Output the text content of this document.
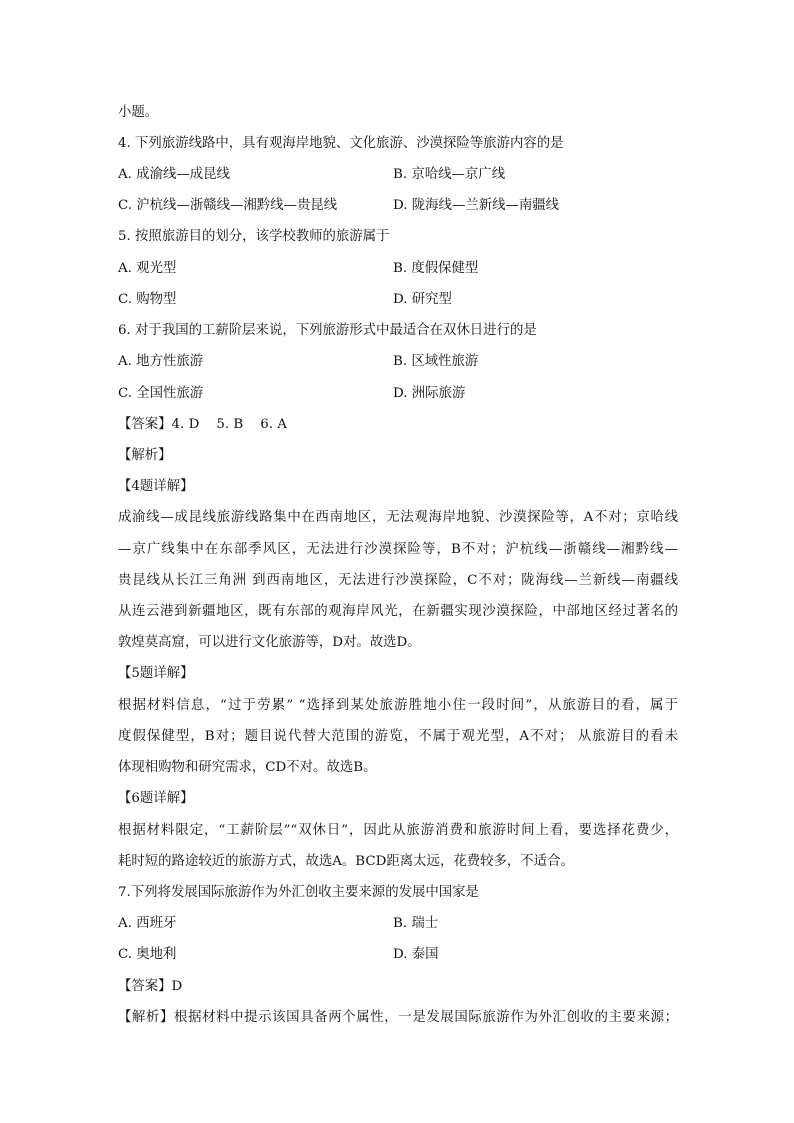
小题。
4. 下列旅游线路中，具有观海岸地貌、文化旅游、沙漠探险等旅游内容的是
A. 成渝线—成昆线	B. 京哈线—京广线
C. 沪杭线—浙赣线—湘黔线—贵昆线	D. 陇海线—兰新线—南疆线
5. 按照旅游目的划分，该学校教师的旅游属于
A. 观光型	B. 度假保健型
C. 购物型	D. 研究型
6. 对于我国的工薪阶层来说，下列旅游形式中最适合在双休日进行的是
A. 地方性旅游	B. 区域性旅游
C. 全国性旅游	D. 洲际旅游
【答案】4. D    5. B    6. A
【解析】
【4题详解】
成渝线—成昆线旅游线路集中在西南地区，无法观海岸地貌、沙漠探险等，A不对；京哈线
—京广线集中在东部季风区，无法进行沙漠探险等，B不对；沪杭线—浙赣线—湘黔线—
贵昆线从长江三角洲 到西南地区，无法进行沙漠探险，C不对；陇海线—兰新线—南疆线
从连云港到新疆地区，既有东部的观海岸风光，在新疆实现沙漠探险，中部地区经过著名的
敦煌莫高窟，可以进行文化旅游等，D对。故选D。
【5题详解】
根据材料信息，“过于劳累” “选择到某处旅游胜地小住一段时间”，从旅游目的看，属于
度假保健型，B对；题目说代替大范围的游览，不属于观光型，A不对； 从旅游目的看未
体现相购物和研究需求，CD不对。故选B。
【6题详解】
根据材料限定，“工薪阶层”“双休日”，因此从旅游消费和旅游时间上看，要选择花费少，
耗时短的路途较近的旅游方式，故选A。BCD距离太远，花费较多，不适合。
7.下列将发展国际旅游作为外汇创收主要来源的发展中国家是
A. 西班牙	B. 瑞士
C. 奥地利	D. 泰国
【答案】D
【解析】根据材料中提示该国具备两个属性，一是发展国际旅游作为外汇创收的主要来源；
